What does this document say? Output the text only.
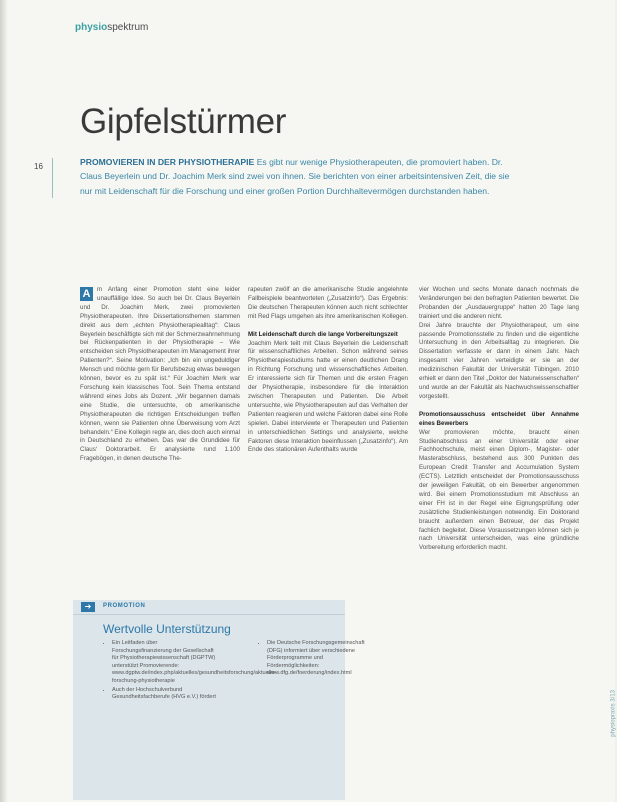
physiospektrum
16
Gipfelstürmer
PROMOVIEREN IN DER PHYSIOTHERAPIE Es gibt nur wenige Physiotherapeuten, die promoviert haben. Dr. Claus Beyerlein und Dr. Joachim Merk sind zwei von ihnen. Sie berichten von einer arbeitsintensiven Zeit, die sie nur mit Leidenschaft für die Forschung und einer großen Portion Durchhaltevermögen durchstanden haben.
A	m Anfang einer Promotion steht eine leider unauffällige Idee. So auch bei Dr. Claus Beyerlein und Dr. Joachim Merk, zwei promovierten Physiotherapeuten. Ihre Dissertationsthemen stammen direkt aus dem „echten Physiotherapiealltag“: Claus Beyerlein beschäftigte sich mit der Schmerzwahrnehmung bei Rückenpatienten in der Physiotherapie – Wie entscheiden sich Physiotherapeuten im Management ihrer Patienten?“. Seine Motivation: „Ich bin ein ungeduldiger Mensch und möchte gern für Berufsbezug etwas bewegen können, bevor es zu spät ist.“ Für Joachim Merk war Forschung kein klassisches Tool. Sein Thema entstand während eines Jobs als Dozent. „Wir begannen damals eine Studie, die untersuchte, ob amerikanische Physiotherapeuten die richtigen Entscheidungen treffen können, wenn sie Patienten ohne Überweisung vom Arzt behandeln.“ Eine Kollegin regte an, dies doch auch einmal in Deutschland zu erheben. Das war die Grundidee für Claus‘ Doktorarbeit. Er analysierte rund 1.100 Fragebögen, in denen deutsche The-
rapeuten zwölf an die amerikanische Studie angelehnte Fallbeispiele beantworteten („Zusatzinfo“). Das Ergebnis: Die deutschen Therapeuten können auch nicht schlechter mit Red Flags umgehen als ihre amerikanischen Kollegen.
Mit Leidenschaft durch die lange Vorbereitungszeit
Joachim Merk teilt mit Claus Beyerlein die Leidenschaft für wissenschaftliches Arbeiten. Schon während seines Physiotherapiestudiums hatte er einen deutlichen Drang in Richtung Forschung und wissenschaftliches Arbeiten. Er interessierte sich für Themen und die ersten Fragen der Physiotherapie, insbesondere für die Interaktion zwischen Therapeuten und Patienten. Die Arbeit untersuchte, wie Physiotherapeuten auf das Verhalten der Patienten reagieren und welche Faktoren dabei eine Rolle spielen. Dabei interviewte er Therapeuten und Patienten in unterschiedlichen Settings und analysierte, welche Faktoren diese Interaktion beeinflussen („Zusatzinfo“). Am Ende des stationären Aufenthalts wurde
vier Wochen und sechs Monate danach nochmals die Veränderungen bei den befragten Patienten bewertet. Die Probanden der „Ausdauergruppe“ hatten 20 Tage lang trainiert und die anderen nicht.
Drei Jahre brauchte der Physiotherapeut, um eine passende Promotionsstelle zu finden und die eigentliche Untersuchung in den Arbeitsalltag zu integrieren. Die Dissertation verfasste er dann in einem Jahr. Nach insgesamt vier Jahren verteidigte er sie an der medizinischen Fakultät der Universität Tübingen. 2010 erhielt er dann den Titel „Doktor der Naturwissenschaften“ und wurde an der Fakultät als Nachwuchswissenschaftler vorgestellt.
Promotionsausschuss entscheidet über Annahme eines Bewerbers
Wer promovieren möchte, braucht einen Studienabschluss an einer Universität oder einer Fachhochschule, meist einen Diplom-, Magister- oder Masterabschluss, bestehend aus 300 Punkten des European Credit Transfer and Accumulation System (ECTS). Letztlich entscheidet der Promotionsausschuss der jeweiligen Fakultät, ob ein Bewerber angenommen wird. Bei einem Promotionsstudium mit Abschluss an einer FH ist in der Regel eine Eignungsprüfung oder zusätzliche Studienleistungen notwendig. Ein Doktorand braucht außerdem einen Betreuer, der das Projekt fachlich begleitet. Diese Voraussetzungen können sich je nach Universität unterscheiden, was eine gründliche Vorbereitung erforderlich macht.
➔	PROMOTION
Wertvolle Unterstützung
• Ein Leitfaden über Forschungsfinanzierung der Gesellschaft für Physiotherapiewissenschaft (DGPTW) unterstützt Promovierende: www.dgptw.de/index.php/aktuelles/gesundheitsforschung/aktuelle-forschung-physiotherapie
• Auch der Hochschulverbund Gesundheitsfachberufe (HVG e.V.) fördert
• Die Deutsche Forschungsgemeinschaft (DFG) informiert über verschiedene Förderprogramme und Fördermöglichkeiten: www.dfg.de/foerderung/index.html
physiopraxis 3/13
